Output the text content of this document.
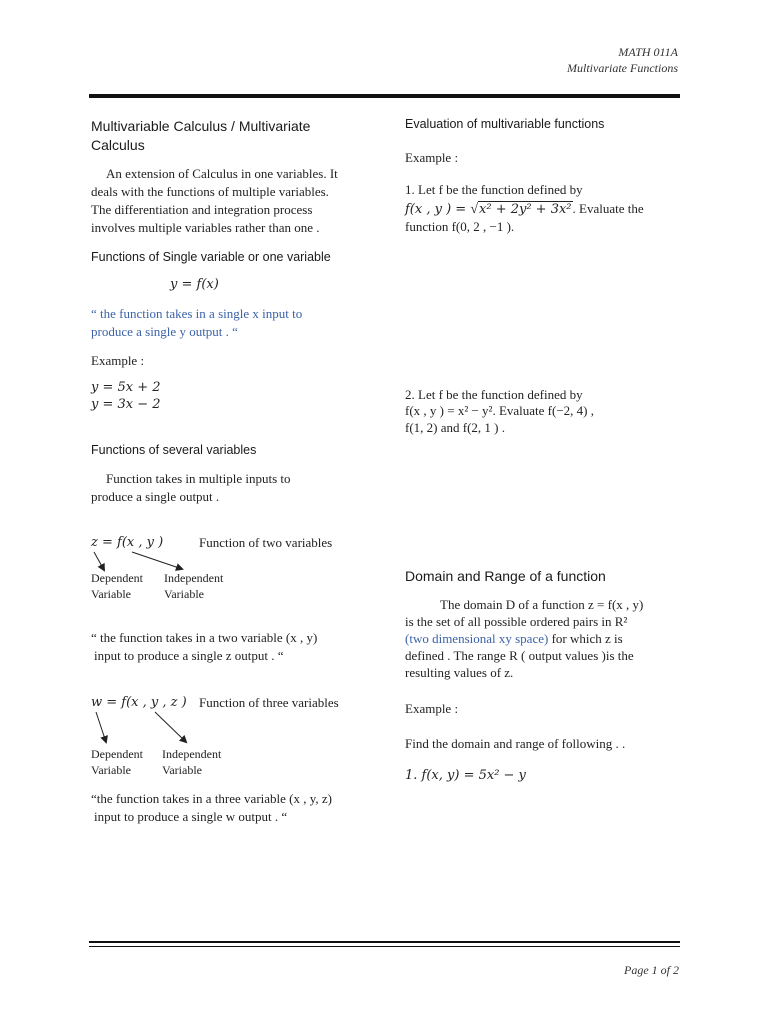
MATH 011A
Multivariate Functions
Multivariable Calculus / Multivariate
Calculus
An extension of Calculus in one variables. It
deals with the functions of multiple variables.
The differentiation and integration process
involves multiple variables rather than one .
Functions of Single variable or one variable
y = f(x)
“ the function takes in a single x input to
produce a single y output . “
Example :
y = 5x + 2
y = 3x − 2
Functions of several variables
Function takes in multiple inputs to
produce a single output .
z = f(x , y )	Function of two variables
Dependent
Variable
Independent
Variable
“ the function takes in a two variable (x , y)
input to produce a single z output . “
w = f(x , y , z ) Function of three variables
Dependent
Variable
Independent
Variable
“the function takes in a three variable (x , y, z)
input to produce a single w output . “
Evaluation of multivariable functions
Example :
1. Let f be the function defined by
f(x , y ) = √x² + 2y² + 3x². Evaluate the
function f(0, 2 , −1 ).
2. Let f be the function defined by
f(x , y ) = x² − y². Evaluate f(−2, 4) ,
f(1, 2) and f(2, 1 ) .
Domain and Range of a function
The domain D of a function z = f(x , y)
is the set of all possible ordered pairs in R²
(two dimensional xy space) for which z is
defined . The range R ( output values )is the
resulting values of z.
Example :
Find the domain and range of following . .
1. f(x, y) = 5x² − y
Page 1 of 2
